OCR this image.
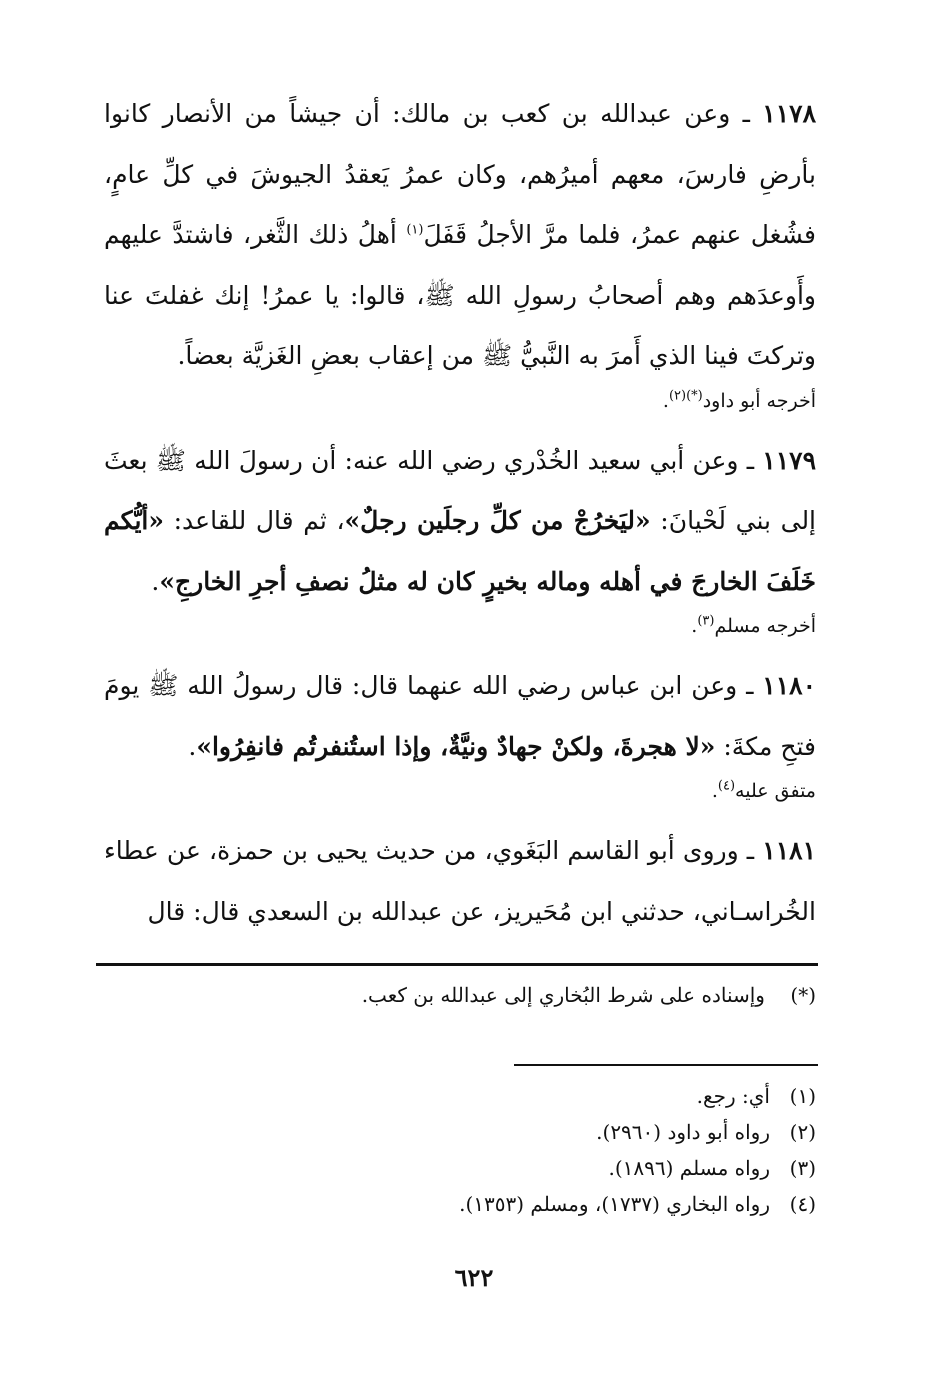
١١٧٨ ـ وعن عبدالله بن كعب بن مالك: أن جيشاً من الأنصار كانوا بأرضِ فارسَ، معهم أميرُهم، وكان عمرُ يَعقدُ الجيوشَ في كلِّ عامٍ، فشُغل عنهم عمرُ، فلما مرَّ الأجلُ قَفَلَ$^{(١)}$ أهلُ ذلك الثَّغر، فاشتدَّ عليهم وأَوعدَهم وهم أصحابُ رسولِ الله ﷺ، قالوا: يا عمرُ! إنك غفلتَ عنا وتركتَ فينا الذي أَمرَ به النَّبيُّ ﷺ من إعقاب بعضِ الغَزيَّة بعضاً.

أخرجه أبو داود$^{(*)(٢)}$.

١١٧٩ ـ وعن أبي سعيد الخُدْري رضي الله عنه: أن رسولَ الله ﷺ بعثَ إلى بني لَحْيانَ: «ليَخرُجْ من كلِّ رجلَين رجلٌ»، ثم قال للقاعد: «أيُّكم خَلَفَ الخارجَ في أهله وماله بخيرٍ كان له مثلُ نصفِ أجرِ الخارجِ».

أخرجه مسلم$^{(٣)}$.

١١٨٠ ـ وعن ابن عباس رضي الله عنهما قال: قال رسولُ الله ﷺ يومَ فتحِ مكةَ: «لا هجرةَ، ولكنْ جهادٌ ونيَّةٌ، وإذا استُنفرتُم فانفِرُوا».

متفق عليه$^{(٤)}$.

١١٨١ ـ وروى أبو القاسم البَغَوي، من حديث يحيى بن حمزة، عن عطاء الخُراسـاني، حدثني ابن مُحَيريز، عن عبدالله بن السعدي قال: قال

(*)    وإسناده على شرط البُخاري إلى عبدالله بن كعب.

(١)أي: رجع.

(٢)رواه أبو داود (٢٩٦٠).

(٣)رواه مسلم (١٨٩٦).

(٤)رواه البخاري (١٧٣٧)، ومسلم (١٣٥٣).

٦٢٢
